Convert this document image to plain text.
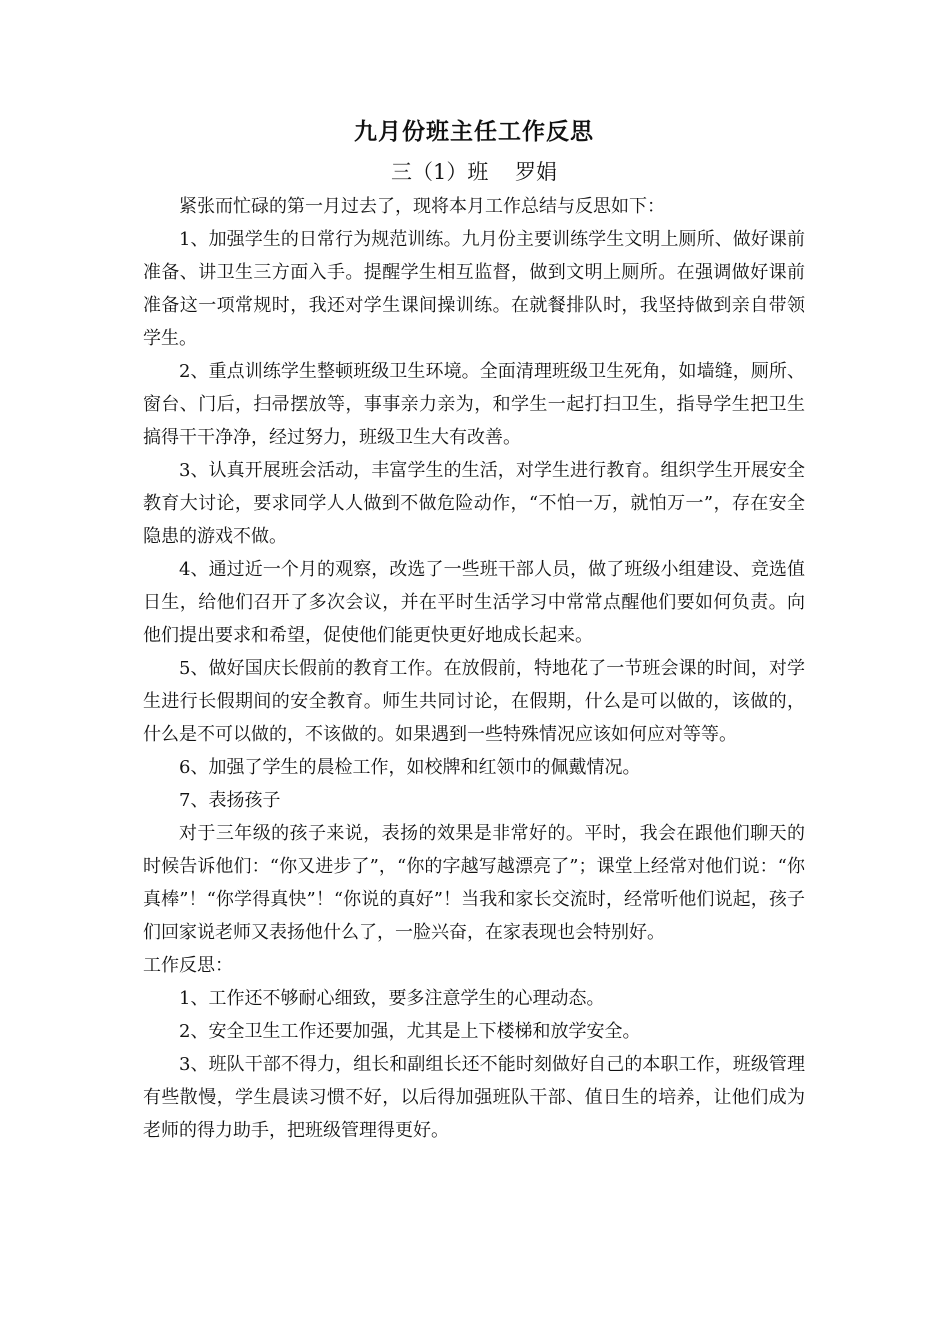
九月份班主任工作反思

三（1）班    罗娟

紧张而忙碌的第一月过去了，现将本月工作总结与反思如下：

1、加强学生的日常行为规范训练。九月份主要训练学生文明上厕所、做好课前准备、讲卫生三方面入手。提醒学生相互监督，做到文明上厕所。在强调做好课前准备这一项常规时，我还对学生课间操训练。在就餐排队时，我坚持做到亲自带领学生。

2、重点训练学生整顿班级卫生环境。全面清理班级卫生死角，如墙缝，厕所、窗台、门后，扫帚摆放等，事事亲力亲为，和学生一起打扫卫生，指导学生把卫生搞得干干净净，经过努力，班级卫生大有改善。

3、认真开展班会活动，丰富学生的生活，对学生进行教育。组织学生开展安全教育大讨论，要求同学人人做到不做危险动作，“不怕一万，就怕万一”，存在安全隐患的游戏不做。

4、通过近一个月的观察，改选了一些班干部人员，做了班级小组建设、竞选值日生，给他们召开了多次会议，并在平时生活学习中常常点醒他们要如何负责。向他们提出要求和希望，促使他们能更快更好地成长起来。

5、做好国庆长假前的教育工作。在放假前，特地花了一节班会课的时间，对学生进行长假期间的安全教育。师生共同讨论，在假期，什么是可以做的，该做的，什么是不可以做的，不该做的。如果遇到一些特殊情况应该如何应对等等。

6、加强了学生的晨检工作，如校牌和红领巾的佩戴情况。

7、表扬孩子

对于三年级的孩子来说，表扬的效果是非常好的。平时，我会在跟他们聊天的时候告诉他们：“你又进步了”，“你的字越写越漂亮了”；课堂上经常对他们说：“你真棒”！“你学得真快”！“你说的真好”！当我和家长交流时，经常听他们说起，孩子们回家说老师又表扬他什么了，一脸兴奋，在家表现也会特别好。

工作反思：

1、工作还不够耐心细致，要多注意学生的心理动态。

2、安全卫生工作还要加强，尤其是上下楼梯和放学安全。

3、班队干部不得力，组长和副组长还不能时刻做好自己的本职工作，班级管理有些散慢，学生晨读习惯不好，以后得加强班队干部、值日生的培养，让他们成为老师的得力助手，把班级管理得更好。
